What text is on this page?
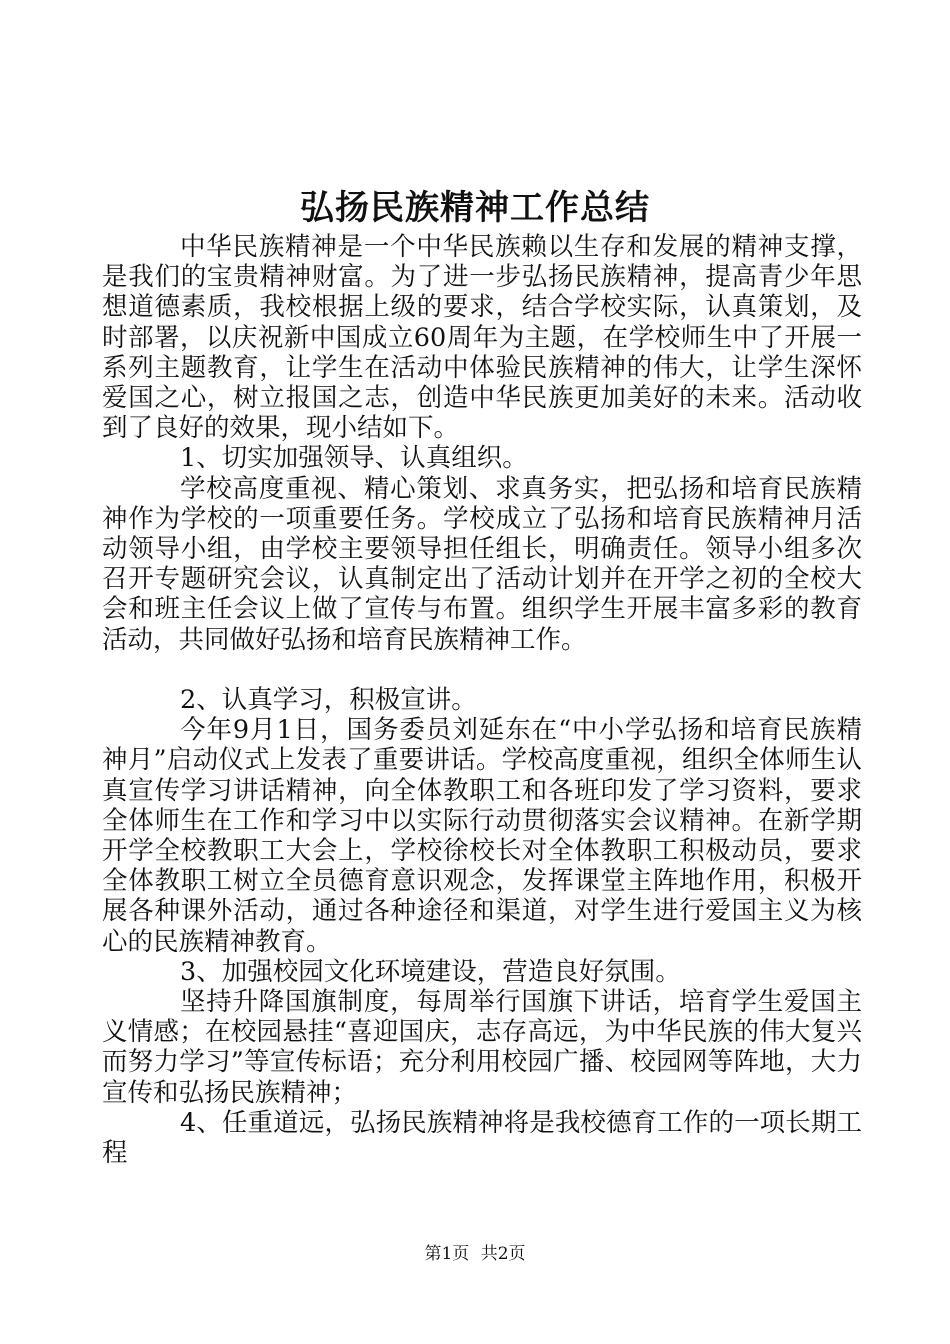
弘扬民族精神工作总结

中华民族精神是一个中华民族赖以生存和发展的精神支撑，是我们的宝贵精神财富。为了进一步弘扬民族精神，提高青少年思想道德素质，我校根据上级的要求，结合学校实际，认真策划，及时部署，以庆祝新中国成立60周年为主题，在学校师生中了开展一系列主题教育，让学生在活动中体验民族精神的伟大，让学生深怀爱国之心，树立报国之志，创造中华民族更加美好的未来。活动收到了良好的效果，现小结如下。

1、切实加强领导、认真组织。

学校高度重视、精心策划、求真务实，把弘扬和培育民族精神作为学校的一项重要任务。学校成立了弘扬和培育民族精神月活动领导小组，由学校主要领导担任组长，明确责任。领导小组多次召开专题研究会议，认真制定出了活动计划并在开学之初的全校大会和班主任会议上做了宣传与布置。组织学生开展丰富多彩的教育活动，共同做好弘扬和培育民族精神工作。

2、认真学习，积极宣讲。

今年9月1日，国务委员刘延东在“中小学弘扬和培育民族精神月”启动仪式上发表了重要讲话。学校高度重视，组织全体师生认真宣传学习讲话精神，向全体教职工和各班印发了学习资料，要求全体师生在工作和学习中以实际行动贯彻落实会议精神。在新学期开学全校教职工大会上，学校徐校长对全体教职工积极动员，要求全体教职工树立全员德育意识观念，发挥课堂主阵地作用，积极开展各种课外活动，通过各种途径和渠道，对学生进行爱国主义为核心的民族精神教育。

3、加强校园文化环境建设，营造良好氛围。

坚持升降国旗制度，每周举行国旗下讲话，培育学生爱国主义情感；在校园悬挂“喜迎国庆，志存高远，为中华民族的伟大复兴而努力学习”等宣传标语；充分利用校园广播、校园网等阵地，大力宣传和弘扬民族精神；

4、任重道远，弘扬民族精神将是我校德育工作的一项长期工程

第1页 共2页
